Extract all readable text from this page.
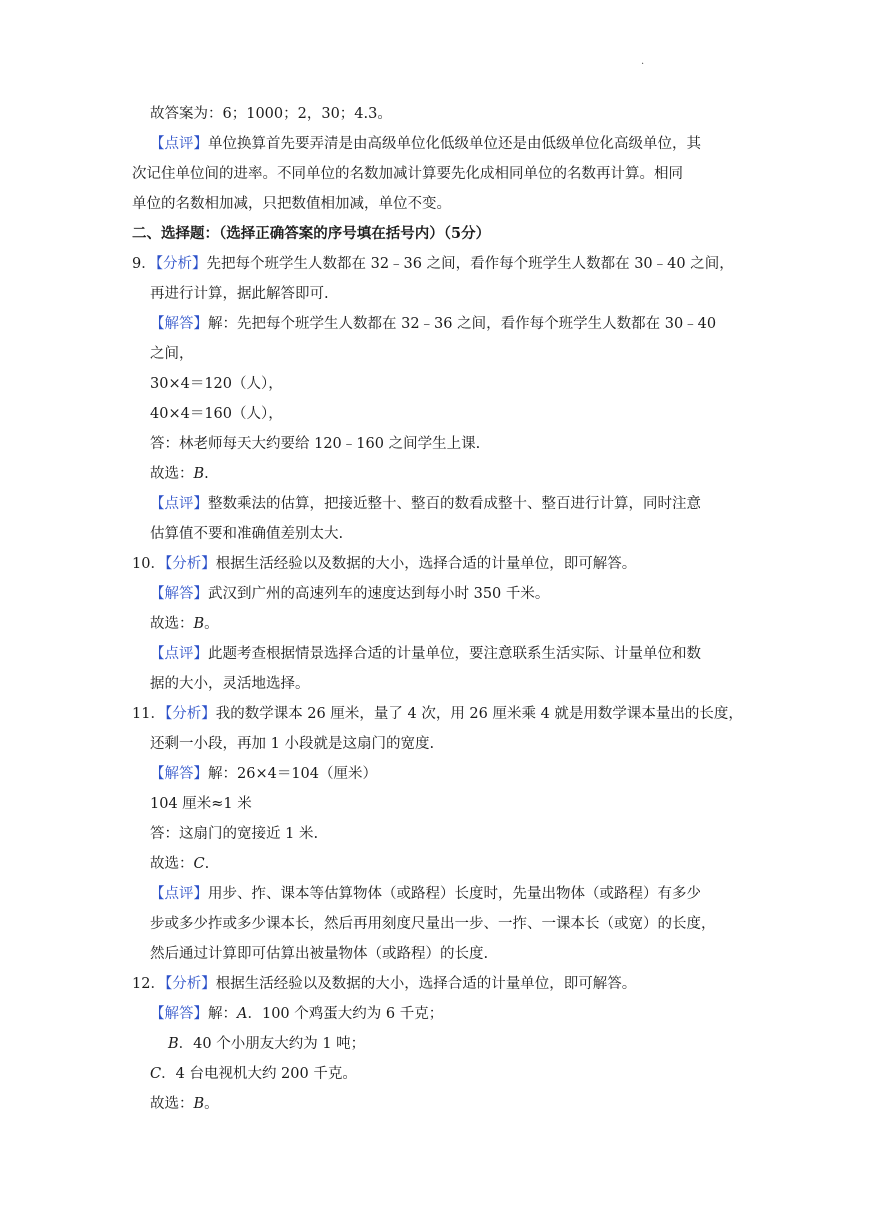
.
故答案为：6；1000；2，30；4.3。
【点评】单位换算首先要弄清是由高级单位化低级单位还是由低级单位化高级单位，其
次记住单位间的进率。不同单位的名数加减计算要先化成相同单位的名数再计算。相同
单位的名数相加减，只把数值相加减，单位不变。
二、选择题：（选择正确答案的序号填在括号内）（5分）
9．【分析】先把每个班学生人数都在 32﹣36 之间，看作每个班学生人数都在 30﹣40 之间，
再进行计算，据此解答即可.
【解答】解：先把每个班学生人数都在 32﹣36 之间，看作每个班学生人数都在 30﹣40
之间，
30×4＝120（人），
40×4＝160（人），
答：林老师每天大约要给 120﹣160 之间学生上课.
故选：B.
【点评】整数乘法的估算，把接近整十、整百的数看成整十、整百进行计算，同时注意
估算值不要和准确值差别太大.
10．【分析】根据生活经验以及数据的大小，选择合适的计量单位，即可解答。
【解答】武汉到广州的高速列车的速度达到每小时 350 千米。
故选：B。
【点评】此题考查根据情景选择合适的计量单位，要注意联系生活实际、计量单位和数
据的大小，灵活地选择。
11．【分析】我的数学课本 26 厘米，量了 4 次，用 26 厘米乘 4 就是用数学课本量出的长度，
还剩一小段，再加 1 小段就是这扇门的宽度.
【解答】解：26×4＝104（厘米）
104 厘米≈1 米
答：这扇门的宽接近 1 米.
故选：C.
【点评】用步、拃、课本等估算物体（或路程）长度时，先量出物体（或路程）有多少
步或多少拃或多少课本长，然后再用刻度尺量出一步、一拃、一课本长（或宽）的长度，
然后通过计算即可估算出被量物体（或路程）的长度.
12．【分析】根据生活经验以及数据的大小，选择合适的计量单位，即可解答。
【解答】解：A．100 个鸡蛋大约为 6 千克；
B．40 个小朋友大约为 1 吨；
C．4 台电视机大约 200 千克。
故选：B。
